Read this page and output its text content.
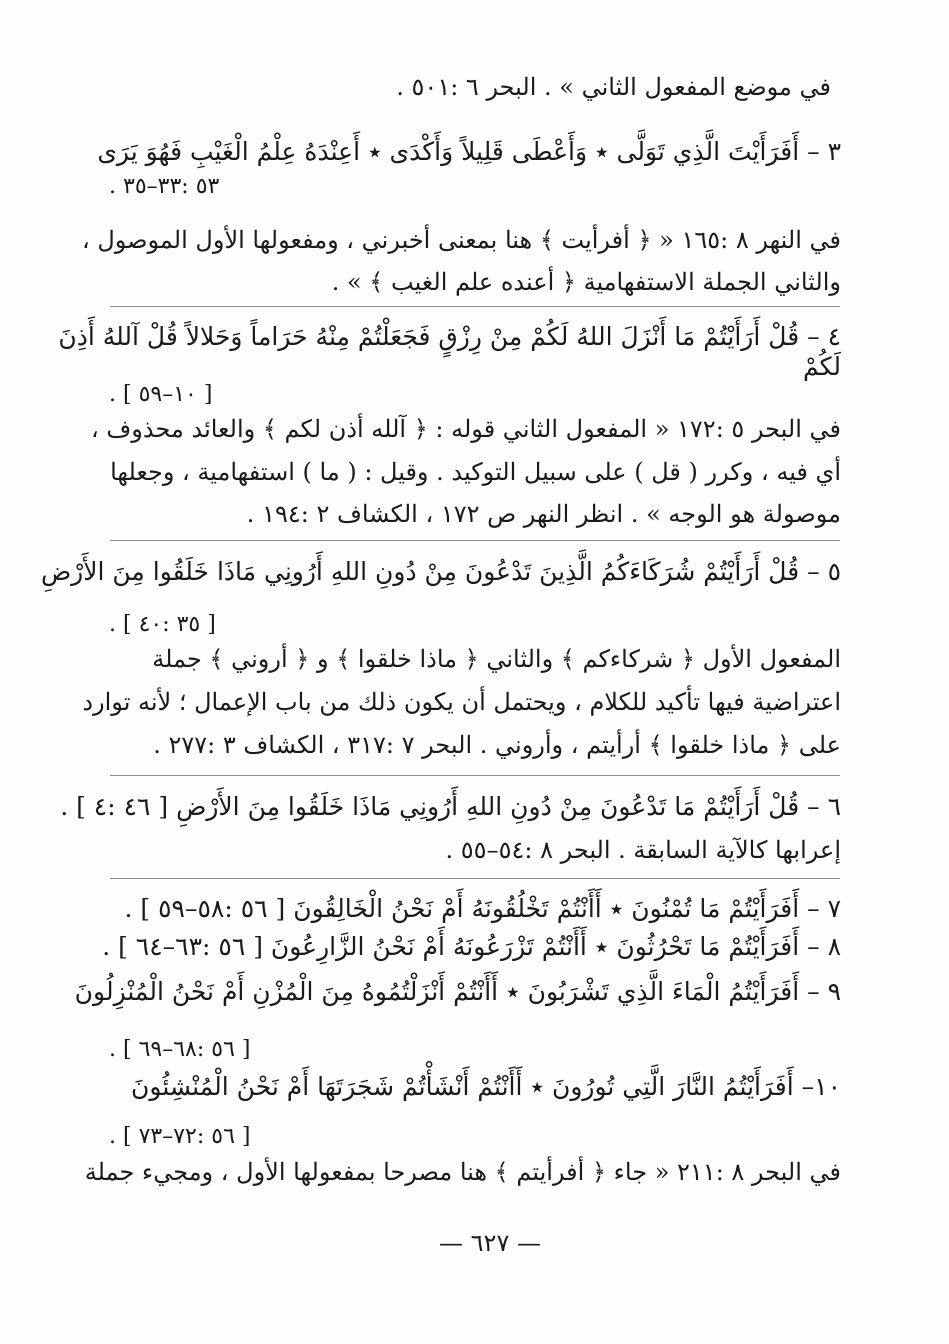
في موضع المفعول الثاني » . البحر ٦ :٥٠١ .
٣ – أَفَرَأَيْتَ الَّذِي تَوَلَّى ٭ وَأَعْطَى قَلِيلاً وَأَكْدَى ٭ أَعِنْدَهُ عِلْمُ الْغَيْبِ فَهُوَ يَرَى
. ٥٣ :٣٣–٣٥
في النهر ٨ :١٦٥ « ﴿ أفرأيت ﴾ هنا بمعنى أخبرني ، ومفعولها الأول الموصول ،
والثاني الجملة الاستفهامية ﴿ أعنده علم الغيب ﴾ » .
٤ – قُلْ أَرَأَيْتُمْ مَا أَنْزَلَ اللهُ لَكُمْ مِنْ رِزْقٍ فَجَعَلْتُمْ مِنْهُ حَرَاماً وَحَلالاً قُلْ آللهُ أَذِنَ
لَكُمْ
. [ ١٠–٥٩ ]
في البحر ٥ :١٧٢ « المفعول الثاني قوله : ﴿ آلله أذن لكم ﴾ والعائد محذوف ،
أي فيه ، وكرر ( قل ) على سبيل التوكيد . وقيل : ( ما ) استفهامية ، وجعلها
موصولة هو الوجه » . انظر النهر ص ١٧٢ ، الكشاف ٢ :١٩٤ .
٥ – قُلْ أَرَأَيْتُمْ شُرَكَاءَكُمُ الَّذِينَ تَدْعُونَ مِنْ دُونِ اللهِ أَرُونِي مَاذَا خَلَقُوا مِنَ الأَرْضِ
. [ ٣٥ :٤٠ ]
المفعول الأول ﴿ شركاءكم ﴾ والثاني ﴿ ماذا خلقوا ﴾ و ﴿ أروني ﴾ جملة
اعتراضية فيها تأكيد للكلام ، ويحتمل أن يكون ذلك من باب الإعمال ؛ لأنه توارد
على ﴿ ماذا خلقوا ﴾ أرأيتم ، وأروني . البحر ٧ :٣١٧ ، الكشاف ٣ :٢٧٧ .
٦ – قُلْ أَرَأَيْتُمْ مَا تَدْعُونَ مِنْ دُونِ اللهِ أَرُونِي مَاذَا خَلَقُوا مِنَ الأَرْضِ [ ٤٦ :٤ ] .
إعرابها كالآية السابقة . البحر ٨ :٥٤–٥٥ .
٧ – أَفَرَأَيْتُمْ مَا تُمْنُونَ ٭ أَأَنْتُمْ تَخْلُقُونَهُ أَمْ نَحْنُ الْخَالِقُونَ [ ٥٦ :٥٨–٥٩ ] .
٨ – أَفَرَأَيْتُمْ مَا تَحْرُثُونَ ٭ أَأَنْتُمْ تَزْرَعُونَهُ أَمْ نَحْنُ الزَّارِعُونَ [ ٥٦ :٦٣–٦٤ ] .
٩ – أَفَرَأَيْتُمُ الْمَاءَ الَّذِي تَشْرَبُونَ ٭ أَأَنْتُمْ أَنْزَلْتُمُوهُ مِنَ الْمُزْنِ أَمْ نَحْنُ الْمُنْزِلُونَ
. [ ٥٦ :٦٨–٦٩ ]
١٠– أَفَرَأَيْتُمُ النَّارَ الَّتِي تُورُونَ ٭ أَأَنْتُمْ أَنْشَأْتُمْ شَجَرَتَهَا أَمْ نَحْنُ الْمُنْشِئُونَ
. [ ٥٦ :٧٢–٧٣ ]
في البحر ٨ :٢١١ « جاء ﴿ أفرأيتم ﴾ هنا مصرحا بمفعولها الأول ، ومجيء جملة
— ٦٢٧ —
